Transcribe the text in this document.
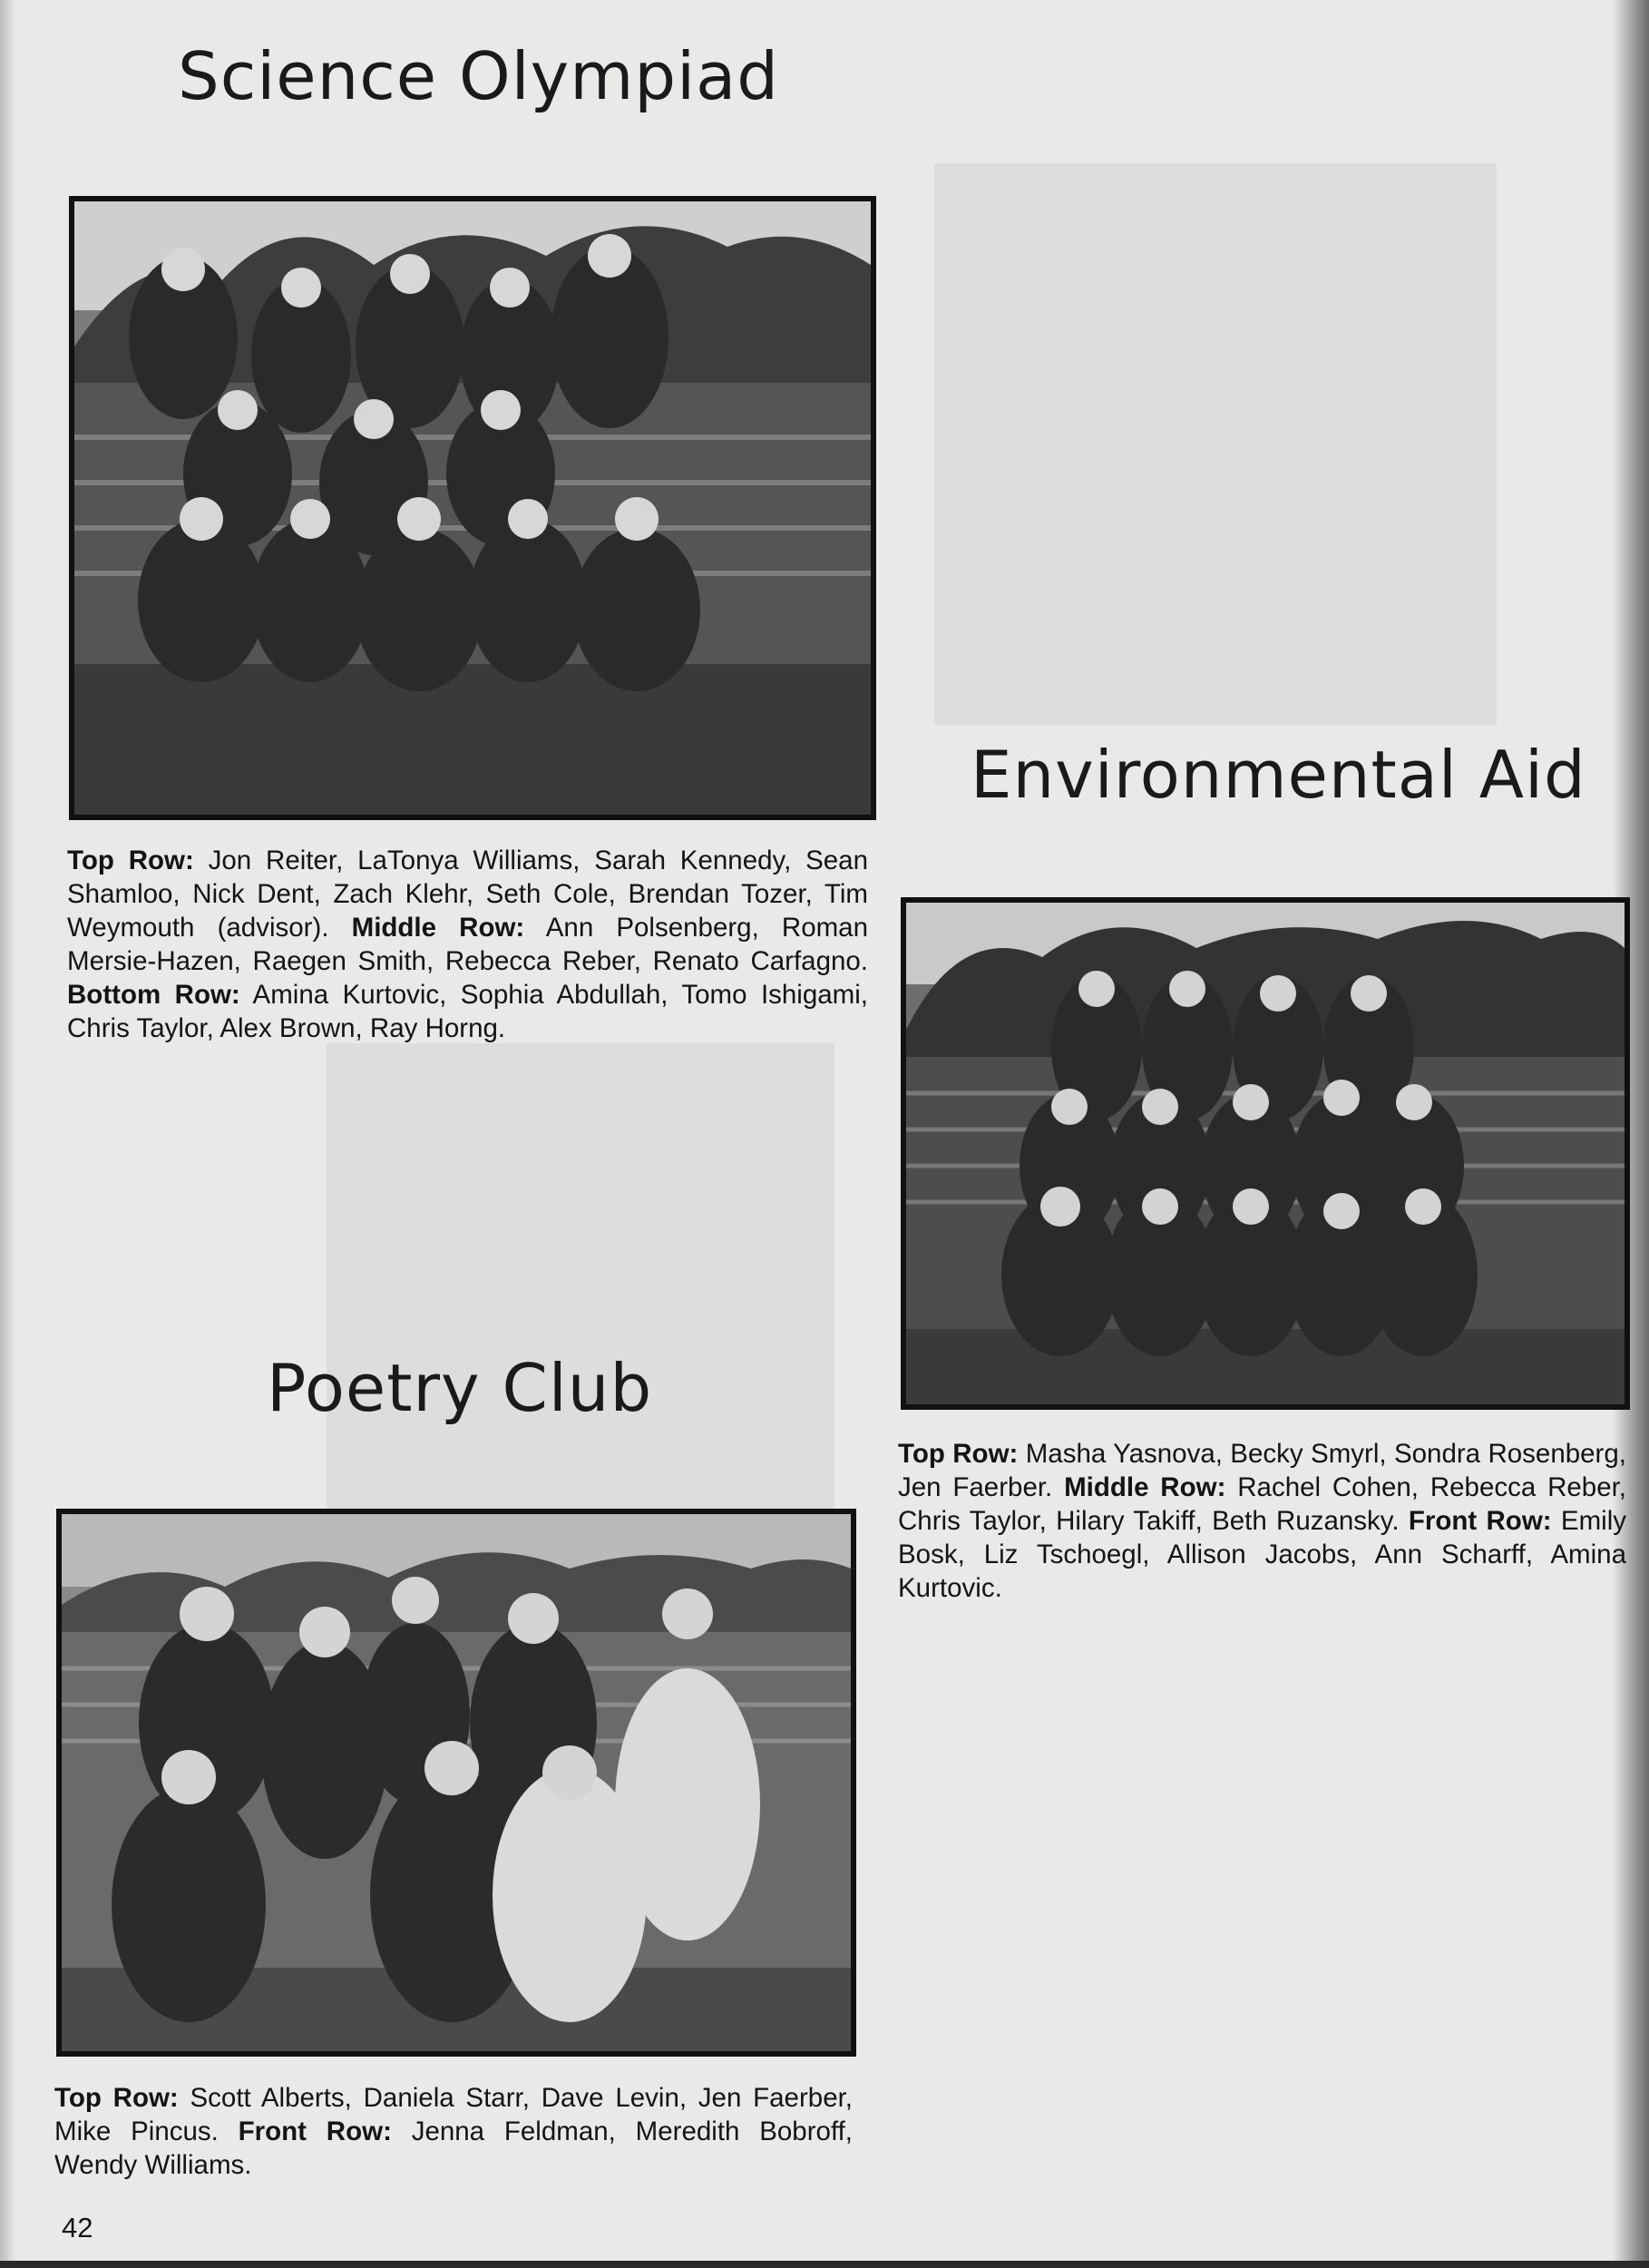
Science Olympiad

Top Row: Jon Reiter, LaTonya Williams, Sarah Kennedy, Sean Shamloo, Nick Dent, Zach Klehr, Seth Cole, Brendan Tozer, Tim Weymouth (advisor). Middle Row: Ann Polsenberg, Roman Mersie-Hazen, Raegen Smith, Rebecca Reber, Renato Carfagno. Bottom Row: Amina Kurtovic, Sophia Abdullah, Tomo Ishigami, Chris Taylor, Alex Brown, Ray Horng.

Environmental Aid

Top Row: Masha Yasnova, Becky Smyrl, Sondra Rosenberg, Jen Faerber. Middle Row: Rachel Cohen, Rebecca Reber, Chris Taylor, Hilary Takiff, Beth Ruzansky. Front Row: Emily Bosk, Liz Tschoegl, Allison Jacobs, Ann Scharff, Amina Kurtovic.

Poetry Club

Top Row: Scott Alberts, Daniela Starr, Dave Levin, Jen Faerber, Mike Pincus. Front Row: Jenna Feldman, Meredith Bobroff, Wendy Williams.

42
